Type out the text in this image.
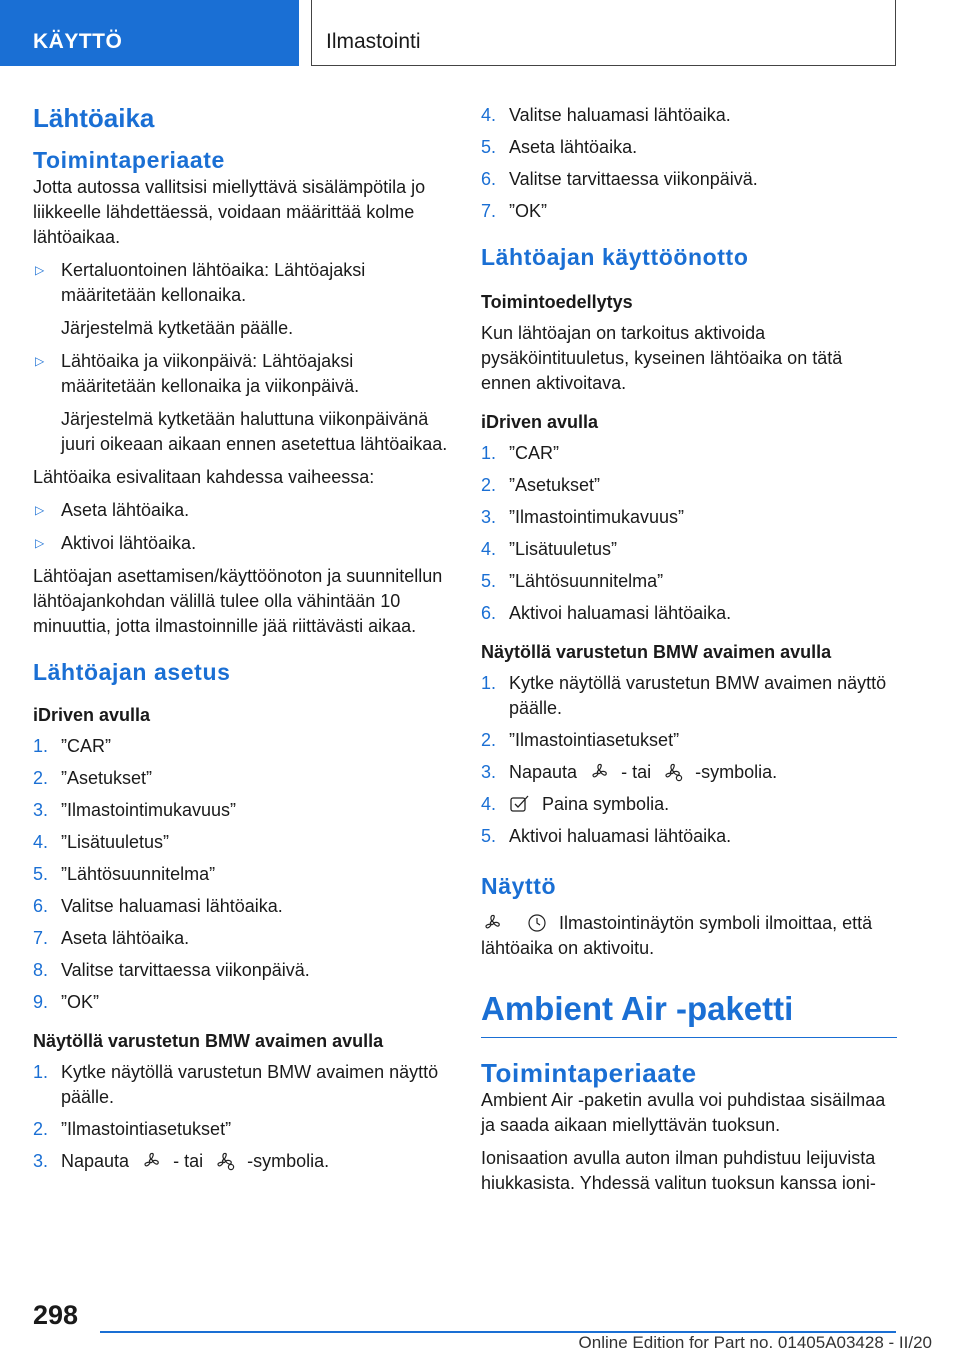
KÄYTTÖ	Ilmastointi
Lähtöaika
Toimintaperiaate

Jotta autossa vallitsisi miellyttävä sisälämpötila jo liikkeelle lähdettäessä, voidaan määrittää kolme lähtöaikaa.

▷ Kertaluontoinen lähtöaika: Lähtöajaksi määritetään kellonaika.
Järjestelmä kytketään päälle.
▷ Lähtöaika ja viikonpäivä: Lähtöajaksi määritetään kellonaika ja viikonpäivä.
Järjestelmä kytketään haluttuna viikonpäivänä juuri oikeaan aikaan ennen asetettua lähtöaikaa.

Lähtöaika esivalitaan kahdessa vaiheessa:

▷ Aseta lähtöaika.
▷ Aktivoi lähtöaika.

Lähtöajan asettamisen/käyttöönoton ja suunnitellun lähtöajankohdan välillä tulee olla vähintään 10 minuuttia, jotta ilmastoinnille jää riittävästi aikaa.

Lähtöajan asetus
iDriven avulla
1. ”CAR”
2. ”Asetukset”
3. ”Ilmastointimukavuus”
4. ”Lisätuuletus”
5. ”Lähtösuunnitelma”
6. Valitse haluamasi lähtöaika.
7. Aseta lähtöaika.
8. Valitse tarvittaessa viikonpäivä.
9. ”OK”
Näytöllä varustetun BMW avaimen avulla
1. Kytke näytöllä varustetun BMW avaimen näyttö päälle.
2. ”Ilmastointiasetukset”
3. Napauta - tai -symbolia.
4. Valitse haluamasi lähtöaika.
5. Aseta lähtöaika.
6. Valitse tarvittaessa viikonpäivä.
7. ”OK”
Lähtöajan käyttöönotto
Toimintoedellytys

Kun lähtöajan on tarkoitus aktivoida pysäköintituuletus, kyseinen lähtöaika on tätä ennen aktivoitava.

iDriven avulla
1. ”CAR”
2. ”Asetukset”
3. ”Ilmastointimukavuus”
4. ”Lisätuuletus”
5. ”Lähtösuunnitelma”
6. Aktivoi haluamasi lähtöaika.
Näytöllä varustetun BMW avaimen avulla
1. Kytke näytöllä varustetun BMW avaimen näyttö päälle.
2. ”Ilmastointiasetukset”
3. Napauta - tai -symbolia.
4.	Paina symbolia.
5. Aktivoi haluamasi lähtöaika.
Näyttö

Ilmastointinäytön symboli ilmoittaa, että lähtöaika on aktivoitu.

Ambient Air -paketti
Toimintaperiaate

Ambient Air -paketin avulla voi puhdistaa sisäilmaa ja saada aikaan miellyttävän tuoksun.

Ionisaation avulla auton ilman puhdistuu leijuvista hiukkasista. Yhdessä valitun tuoksun kanssa ioni-

298
Online Edition for Part no. 01405A03428 - II/20
